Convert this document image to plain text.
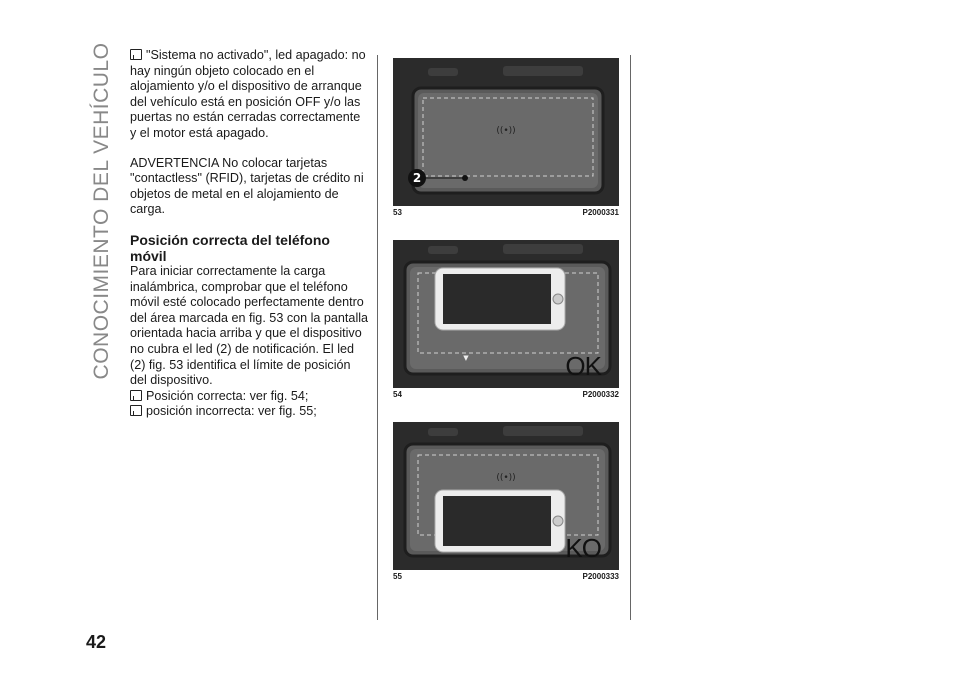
CONOCIMIENTO DEL VEHÍCULO	"Sistema no activado", led apagado: no hay ningún objeto colocado en el alojamiento y/o el dispositivo de arranque del vehículo está en posición OFF y/o las puertas no están cerradas correctamente y el motor está apagado.

ADVERTENCIA No colocar tarjetas "contactless" (RFID), tarjetas de crédito ni objetos de metal en el alojamiento de carga.

Posición correcta del teléfono móvil

Para iniciar correctamente la carga inalámbrica, comprobar que el teléfono móvil esté colocado perfectamente dentro del área marcada en fig. 53 con la pantalla orientada hacia arriba y que el dispositivo no cubra el led (2) de notificación. El led (2) fig. 53 identifica el límite de posición del dispositivo.

Posición correcta: ver fig. 54;

posición incorrecta: ver fig. 55;

((•))
2
53	P2000331
▼	OK
54	P2000332
((•))
KO
55	P2000333
42
